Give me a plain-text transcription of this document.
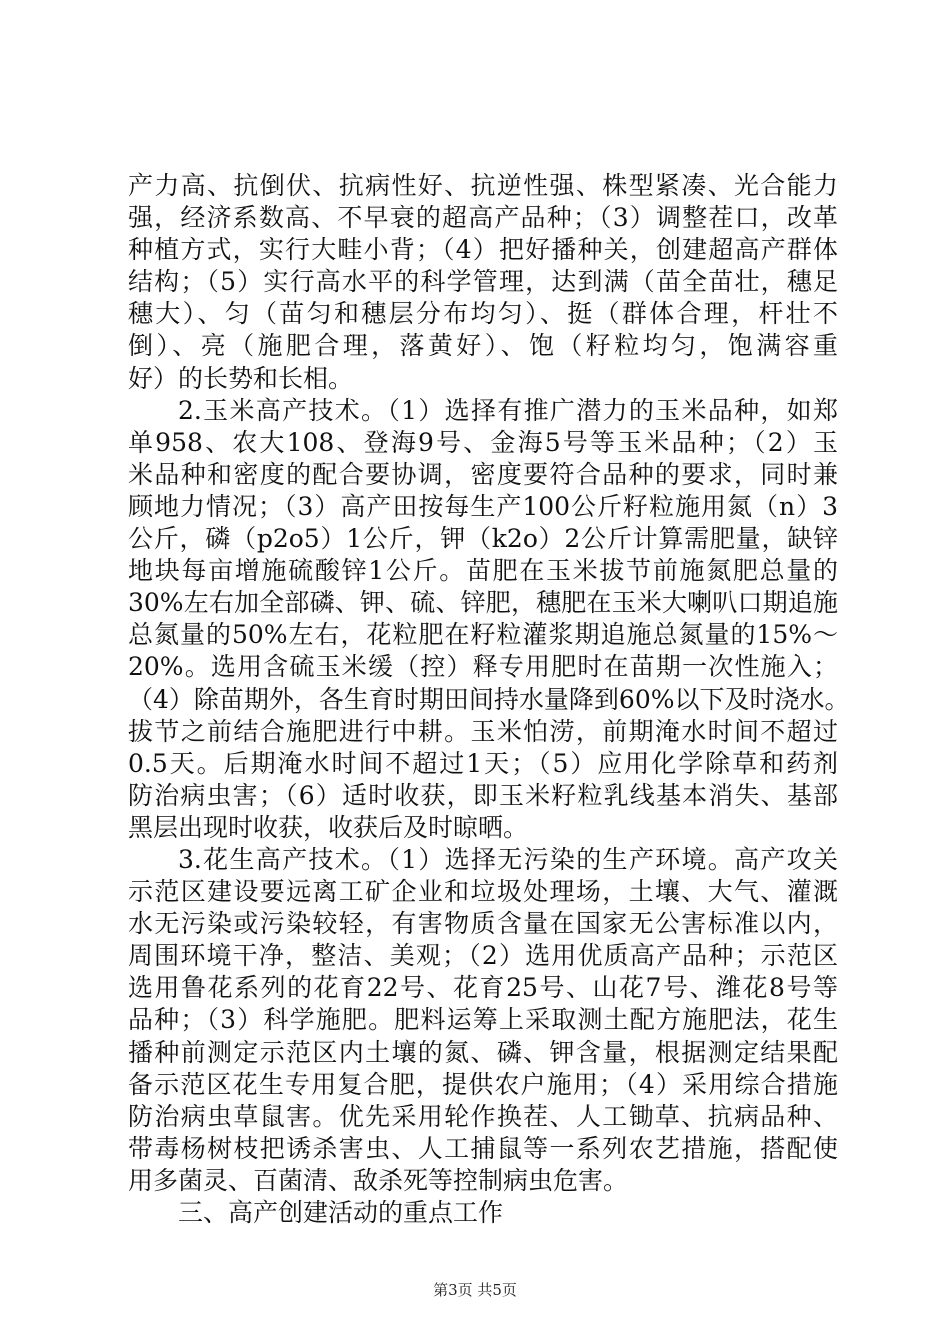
产力高、抗倒伏、抗病性好、抗逆性强、株型紧凑、光合能力
强，经济系数高、不早衰的超高产品种；（3）调整茬口，改革
种植方式，实行大畦小背；（4）把好播种关，创建超高产群体
结构；（5）实行高水平的科学管理，达到满（苗全苗壮，穗足
穗大）、匀（苗匀和穗层分布均匀）、挺（群体合理，杆壮不
倒）、亮（施肥合理，落黄好）、饱（籽粒均匀，饱满容重
好）的长势和长相。
2.玉米高产技术。（1）选择有推广潜力的玉米品种，如郑
单958、农大108、登海9号、金海5号等玉米品种；（2）玉
米品种和密度的配合要协调，密度要符合品种的要求，同时兼
顾地力情况；（3）高产田按每生产100公斤籽粒施用氮（n）3
公斤，磷（p2o5）1公斤，钾（k2o）2公斤计算需肥量，缺锌
地块每亩增施硫酸锌1公斤。苗肥在玉米拔节前施氮肥总量的
30%左右加全部磷、钾、硫、锌肥，穗肥在玉米大喇叭口期追施
总氮量的50%左右，花粒肥在籽粒灌浆期追施总氮量的15%～
20%。选用含硫玉米缓（控）释专用肥时在苗期一次性施入；
（4）除苗期外，各生育时期田间持水量降到60%以下及时浇水。
拔节之前结合施肥进行中耕。玉米怕涝，前期淹水时间不超过
0.5天。后期淹水时间不超过1天；（5）应用化学除草和药剂
防治病虫害；（6）适时收获，即玉米籽粒乳线基本消失、基部
黑层出现时收获，收获后及时晾晒。
3.花生高产技术。（1）选择无污染的生产环境。高产攻关
示范区建设要远离工矿企业和垃圾处理场，土壤、大气、灌溉
水无污染或污染较轻，有害物质含量在国家无公害标准以内，
周围环境干净，整洁、美观；（2）选用优质高产品种；示范区
选用鲁花系列的花育22号、花育25号、山花7号、潍花8号等
品种；（3）科学施肥。肥料运筹上采取测土配方施肥法，花生
播种前测定示范区内土壤的氮、磷、钾含量，根据测定结果配
备示范区花生专用复合肥，提供农户施用；（4）采用综合措施
防治病虫草鼠害。优先采用轮作换茬、人工锄草、抗病品种、
带毒杨树枝把诱杀害虫、人工捕鼠等一系列农艺措施，搭配使
用多菌灵、百菌清、敌杀死等控制病虫危害。
三、高产创建活动的重点工作
第3页 共5页
